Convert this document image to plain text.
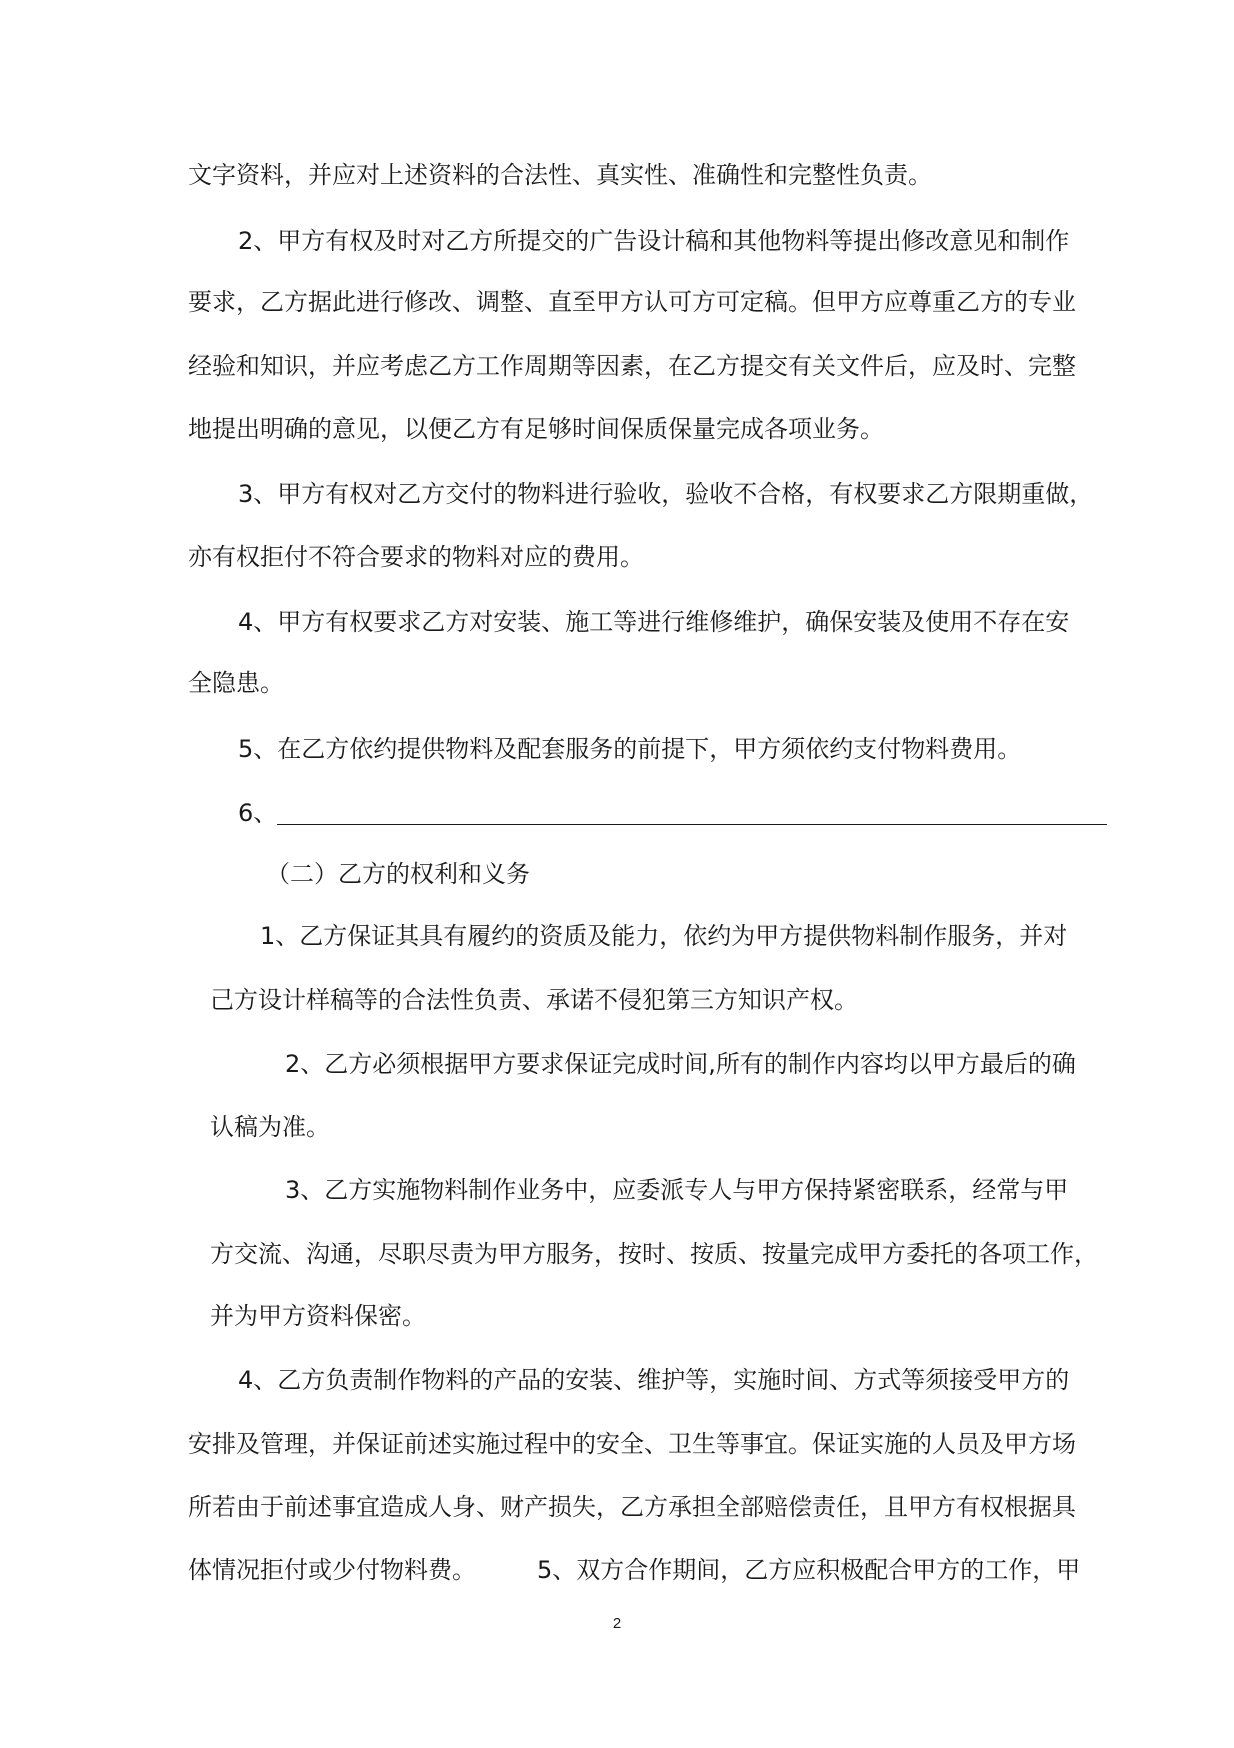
文字资料，并应对上述资料的合法性、真实性、准确性和完整性负责。
2、甲方有权及时对乙方所提交的广告设计稿和其他物料等提出修改意见和制作
要求，乙方据此进行修改、调整、直至甲方认可方可定稿。但甲方应尊重乙方的专业
经验和知识，并应考虑乙方工作周期等因素，在乙方提交有关文件后，应及时、完整
地提出明确的意见，以便乙方有足够时间保质保量完成各项业务。
3、甲方有权对乙方交付的物料进行验收，验收不合格，有权要求乙方限期重做，
亦有权拒付不符合要求的物料对应的费用。
4、甲方有权要求乙方对安装、施工等进行维修维护，确保安装及使用不存在安
全隐患。
5、在乙方依约提供物料及配套服务的前提下，甲方须依约支付物料费用。
6、
（二）乙方的权利和义务
1、乙方保证其具有履约的资质及能力，依约为甲方提供物料制作服务，并对
己方设计样稿等的合法性负责、承诺不侵犯第三方知识产权。
2、乙方必须根据甲方要求保证完成时间,所有的制作内容均以甲方最后的确
认稿为准。
3、乙方实施物料制作业务中，应委派专人与甲方保持紧密联系，经常与甲
方交流、沟通，尽职尽责为甲方服务，按时、按质、按量完成甲方委托的各项工作，
并为甲方资料保密。
4、乙方负责制作物料的产品的安装、维护等，实施时间、方式等须接受甲方的
安排及管理，并保证前述实施过程中的安全、卫生等事宜。保证实施的人员及甲方场
所若由于前述事宜造成人身、财产损失，乙方承担全部赔偿责任，且甲方有权根据具
体情况拒付或少付物料费。        5、双方合作期间，乙方应积极配合甲方的工作，甲
2
